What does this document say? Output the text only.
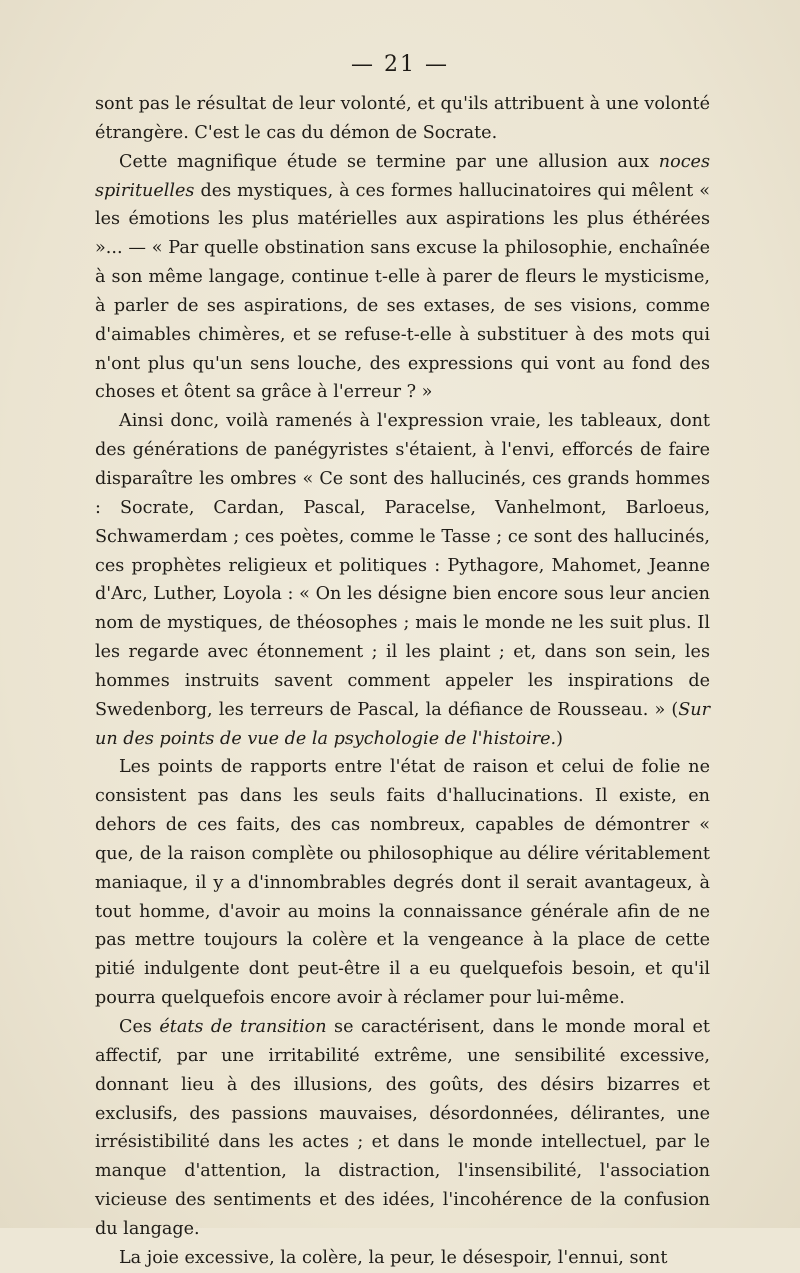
— 21 —

sont pas le résultat de leur volonté, et qu'ils attribuent à une volonté étrangère. C'est le cas du démon de Socrate.

Cette magnifique étude se termine par une allusion aux noces spirituelles des mystiques, à ces formes hallucinatoires qui mêlent « les émotions les plus matérielles aux aspirations les plus éthérées »... — « Par quelle obstination sans excuse la philosophie, enchaînée à son même langage, continue t-elle à parer de fleurs le mysticisme, à parler de ses aspirations, de ses extases, de ses visions, comme d'aimables chimères, et se refuse-t-elle à substituer à des mots qui n'ont plus qu'un sens louche, des expressions qui vont au fond des choses et ôtent sa grâce à l'erreur ? »

Ainsi donc, voilà ramenés à l'expression vraie, les tableaux, dont des générations de panégyristes s'étaient, à l'envi, efforcés de faire disparaître les ombres « Ce sont des hallucinés, ces grands hommes : Socrate, Cardan, Pascal, Paracelse, Vanhelmont, Barloeus, Schwamerdam ; ces poètes, comme le Tasse ; ce sont des hallucinés, ces prophètes religieux et politiques : Pythagore, Mahomet, Jeanne d'Arc, Luther, Loyola : « On les désigne bien encore sous leur ancien nom de mystiques, de théosophes ; mais le monde ne les suit plus. Il les regarde avec étonnement ; il les plaint ; et, dans son sein, les hommes instruits savent comment appeler les inspirations de Swedenborg, les terreurs de Pascal, la défiance de Rousseau. » (Sur un des points de vue de la psychologie de l'histoire.)

Les points de rapports entre l'état de raison et celui de folie ne consistent pas dans les seuls faits d'hallucinations. Il existe, en dehors de ces faits, des cas nombreux, capables de démontrer « que, de la raison complète ou philosophique au délire véritablement maniaque, il y a d'innombrables degrés dont il serait avantageux, à tout homme, d'avoir au moins la connaissance générale afin de ne pas mettre toujours la colère et la vengeance à la place de cette pitié indulgente dont peut-être il a eu quelquefois besoin, et qu'il pourra quelquefois encore avoir à réclamer pour lui-même.

Ces états de transition se caractérisent, dans le monde moral et affectif, par une irritabilité extrême, une sensibilité excessive, donnant lieu à des illusions, des goûts, des désirs bizarres et exclusifs, des passions mauvaises, désordonnées, délirantes, une irrésistibilité dans les actes ; et dans le monde intellectuel, par le manque d'attention, la distraction, l'insensibilité, l'association vicieuse des sentiments et des idées, l'incohérence de la confusion du langage.

La joie excessive, la colère, la peur, le désespoir, l'ennui, sont
